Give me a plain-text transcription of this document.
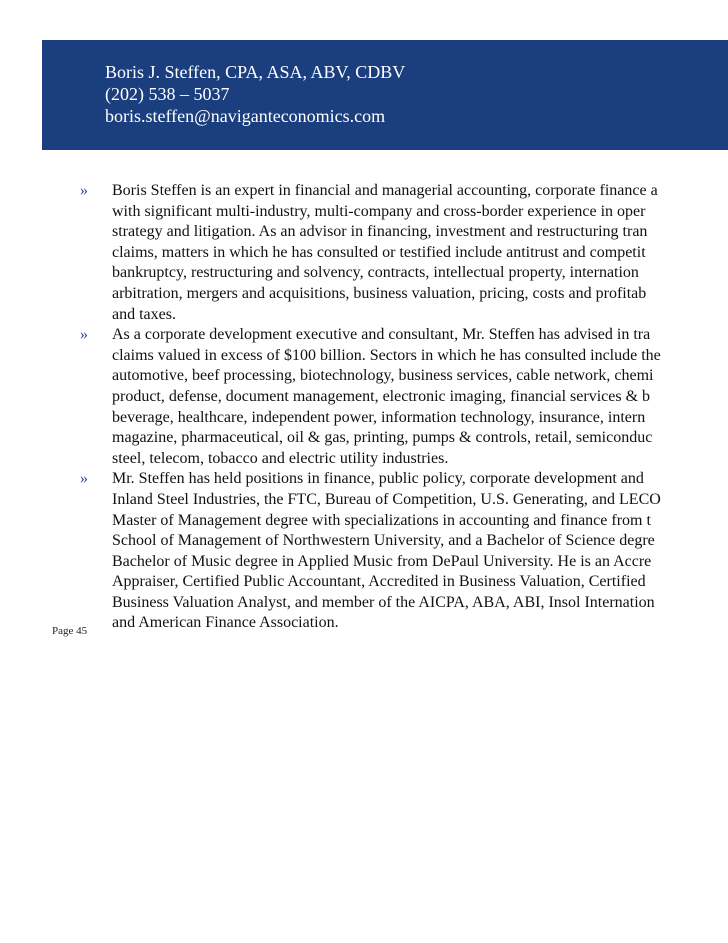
Boris J. Steffen, CPA, ASA, ABV, CDBV
(202) 538 – 5037
boris.steffen@naviganteconomics.com
» Boris Steffen is an expert in financial and managerial accounting, corporate finance a
with significant multi-industry, multi-company and cross-border experience in oper
strategy and litigation. As an advisor in financing, investment and restructuring tran
claims, matters in which he has consulted or testified include antitrust and competit
bankruptcy, restructuring and solvency, contracts, intellectual property, internation
arbitration, mergers and acquisitions, business valuation, pricing, costs and profitab
and taxes.
» As a corporate development executive and consultant, Mr. Steffen has advised in tra
claims valued in excess of $100 billion. Sectors in which he has consulted include the
automotive, beef processing, biotechnology, business services, cable network, chemi
product, defense, document management, electronic imaging, financial services & b
beverage, healthcare, independent power, information technology, insurance, intern
magazine, pharmaceutical, oil & gas, printing, pumps & controls, retail, semiconduc
steel, telecom, tobacco and electric utility industries.
» Mr. Steffen has held positions in finance, public policy, corporate development and
Inland Steel Industries, the FTC, Bureau of Competition, U.S. Generating, and LECO
Master of Management degree with specializations in accounting and finance from t
School of Management of Northwestern University, and a Bachelor of Science degre
Bachelor of Music degree in Applied Music from DePaul University. He is an Accre
Appraiser, Certified Public Accountant, Accredited in Business Valuation, Certified
Business Valuation Analyst, and member of the AICPA, ABA, ABI, Insol Internation
and American Finance Association.
Page 45
